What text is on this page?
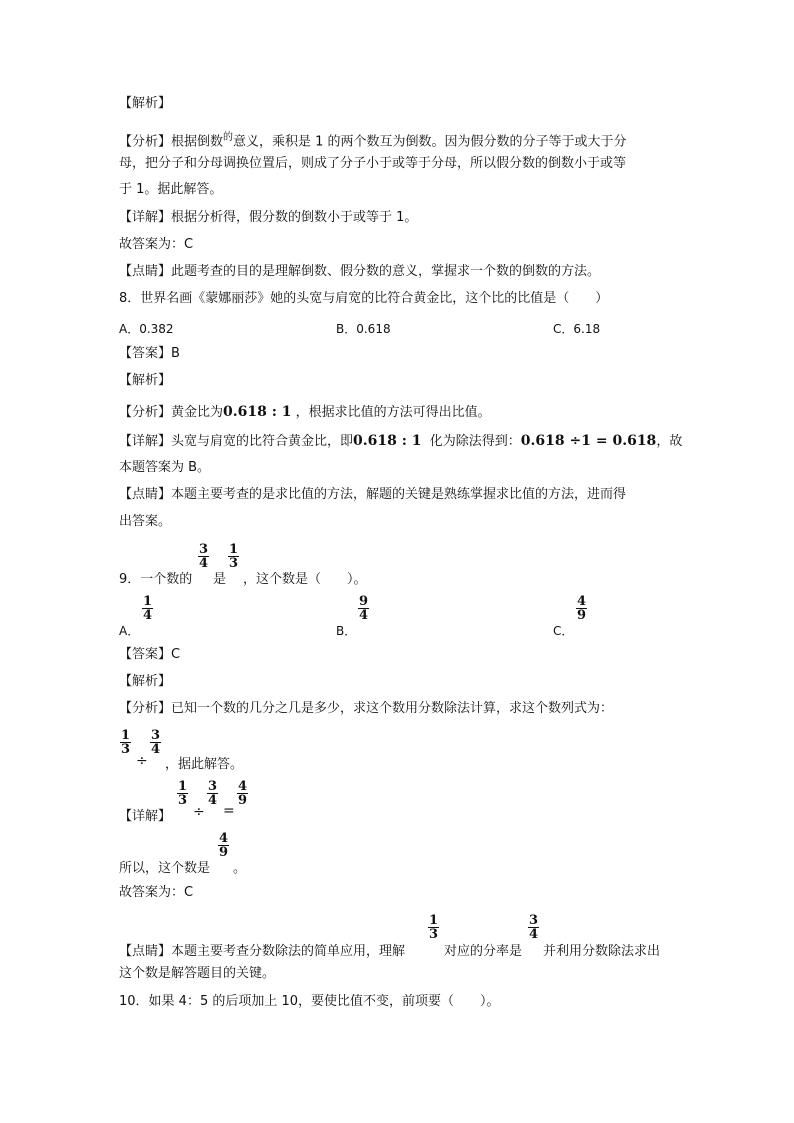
【解析】
【分析】根据倒数$^的$意义，乘积是 1 的两个数互为倒数。因为假分数的分子等于或大于分
母，把分子和分母调换位置后，则成了分子小于或等于分母，所以假分数的倒数小于或等
于 1。据此解答。
【详解】根据分析得，假分数的倒数小于或等于 1。
故答案为：C
【点睛】此题考查的目的是理解倒数、假分数的意义，掌握求一个数的倒数的方法。
8．世界名画《蒙娜丽莎》她的头宽与肩宽的比符合黄金比，这个比的比值是（　　）
A．0.382	B．0.618	C．6.18
【答案】B
【解析】
【分析】黄金比为0.618 : 1 ，根据求比值的方法可得出比值。
【详解】头宽与肩宽的比符合黄金比，即0.618 : 1 化为除法得到：0.618 ÷1 = 0.618，故
本题答案为 B。
【点睛】本题主要考查的是求比值的方法，解题的关键是熟练掌握求比值的方法，进而得
出答案。
9．一个数的
$\frac{3}{4}$
是
$\frac{1}{3}$
，这个数是（　　）。
A．
$\frac{1}{4}$
B．
$\frac{9}{4}$
C．
$\frac{4}{9}$
【答案】C
【解析】
【分析】已知一个数的几分之几是多少，求这个数用分数除法计算，求这个数列式为：
$\frac{1}{3}$
÷
$\frac{3}{4}$
，据此解答。
【详解】
$\frac{1}{3}$
÷
$\frac{3}{4}$
=
$\frac{4}{9}$
所以，这个数是
$\frac{4}{9}$
。
故答案为：C
【点睛】本题主要考查分数除法的简单应用，理解
$\frac{1}{3}$
对应的分率是
$\frac{3}{4}$
并利用分数除法求出
这个数是解答题目的关键。
10．如果 4：5 的后项加上 10，要使比值不变，前项要（　　）。
